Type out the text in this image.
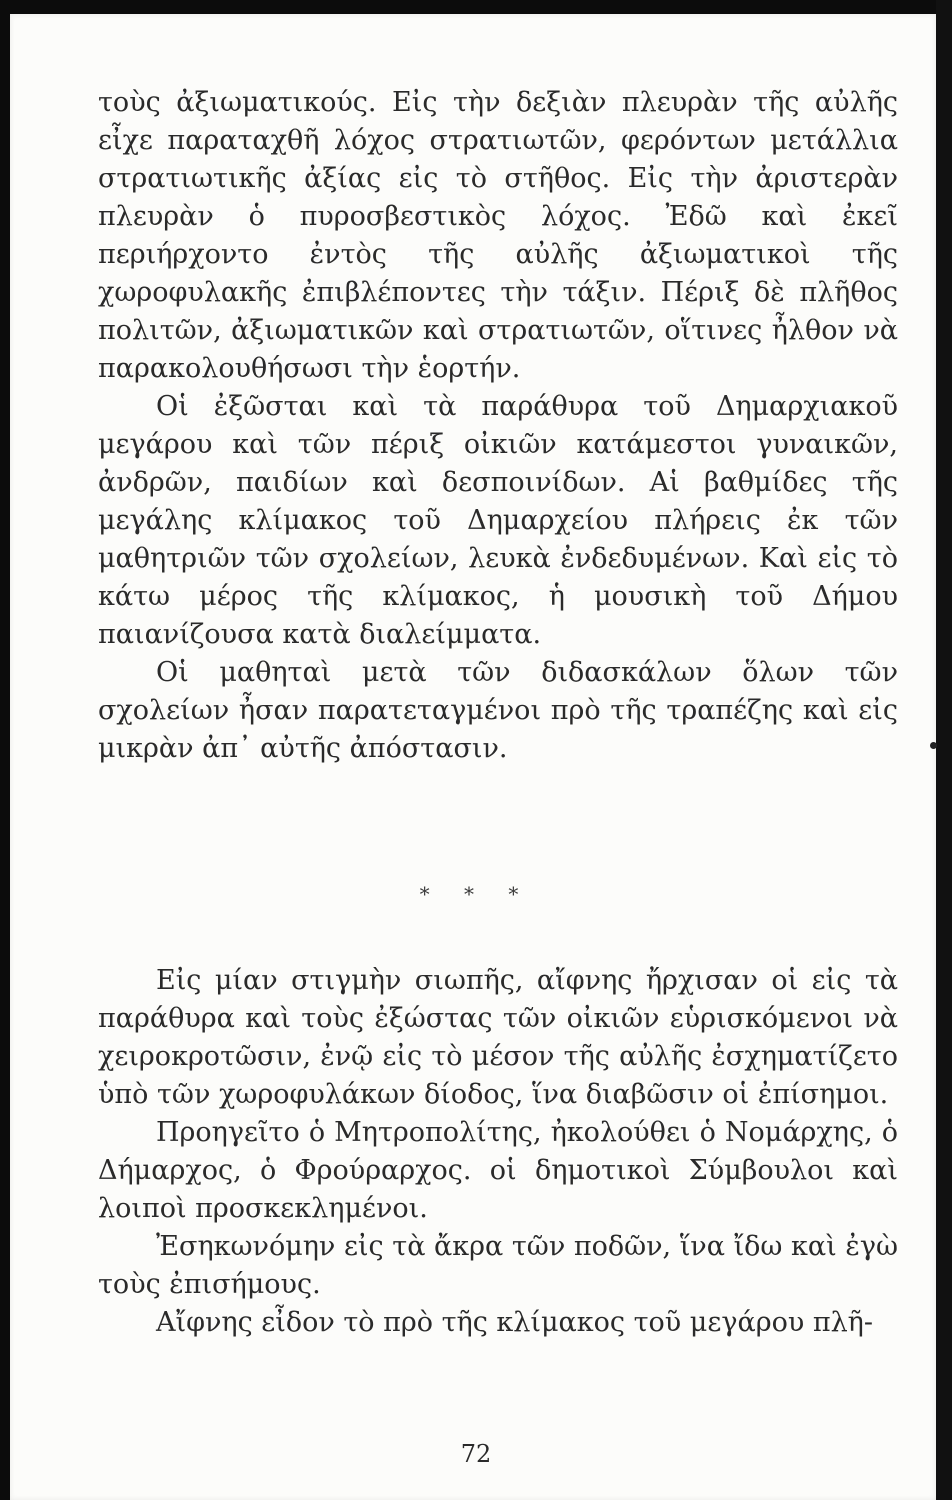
τοὺς ἀξιωματικούς. Εἰς τὴν δεξιὰν πλευρὰν τῆς αὐλῆς εἶχε παραταχθῆ λόχος στρατιωτῶν, φερόντων μετάλλια στρατιωτικῆς ἀξίας εἰς τὸ στῆθος. Εἰς τὴν ἀριστερὰν πλευρὰν ὁ πυροσβεστικὸς λόχος. Ἐδῶ καὶ ἐκεῖ περιήρχοντο ἐντὸς τῆς αὐλῆς ἀξιωματικοὶ τῆς χωροφυλακῆς ἐπιβλέποντες τὴν τάξιν. Πέριξ δὲ πλῆθος πολιτῶν, ἀξιωματικῶν καὶ στρατιωτῶν, οἵτινες ἦλθον νὰ παρακολουθήσωσι τὴν ἑορτήν.

Οἱ ἐξῶσται καὶ τὰ παράθυρα τοῦ Δημαρχιακοῦ μεγάρου καὶ τῶν πέριξ οἰκιῶν κατάμεστοι γυναικῶν, ἀνδρῶν, παιδίων καὶ δεσποινίδων. Αἱ βαθμίδες τῆς μεγάλης κλίμακος τοῦ Δημαρχείου πλήρεις ἐκ τῶν μαθητριῶν τῶν σχολείων, λευκὰ ἐνδεδυμένων. Καὶ εἰς τὸ κάτω μέρος τῆς κλίμακος, ἡ μουσικὴ τοῦ Δήμου παιανίζουσα κατὰ διαλείμματα.

Οἱ μαθηταὶ μετὰ τῶν διδασκάλων ὅλων τῶν σχολείων ἦσαν παρατεταγμένοι πρὸ τῆς τραπέζης καὶ εἰς μικρὰν ἀπ᾿ αὐτῆς ἀπόστασιν.

* * *

Εἰς μίαν στιγμὴν σιωπῆς, αἴφνης ἤρχισαν οἱ εἰς τὰ παράθυρα καὶ τοὺς ἐξώστας τῶν οἰκιῶν εὑρισκόμενοι νὰ χειροκροτῶσιν, ἐνῷ εἰς τὸ μέσον τῆς αὐλῆς ἐσχηματίζετο ὑπὸ τῶν χωροφυλάκων δίοδος, ἵνα διαβῶσιν οἱ ἐπίσημοι.

Προηγεῖτο ὁ Μητροπολίτης, ἠκολούθει ὁ Νομάρχης, ὁ Δήμαρχος, ὁ Φρούραρχος. οἱ δημοτικοὶ Σύμβουλοι καὶ λοιποὶ προσκεκλημένοι.

Ἐσηκωνόμην εἰς τὰ ἄκρα τῶν ποδῶν, ἵνα ἴδω καὶ ἐγὼ τοὺς ἐπισήμους.

Αἴφνης εἶδον τὸ πρὸ τῆς κλίμακος τοῦ μεγάρου πλῆ-

72
